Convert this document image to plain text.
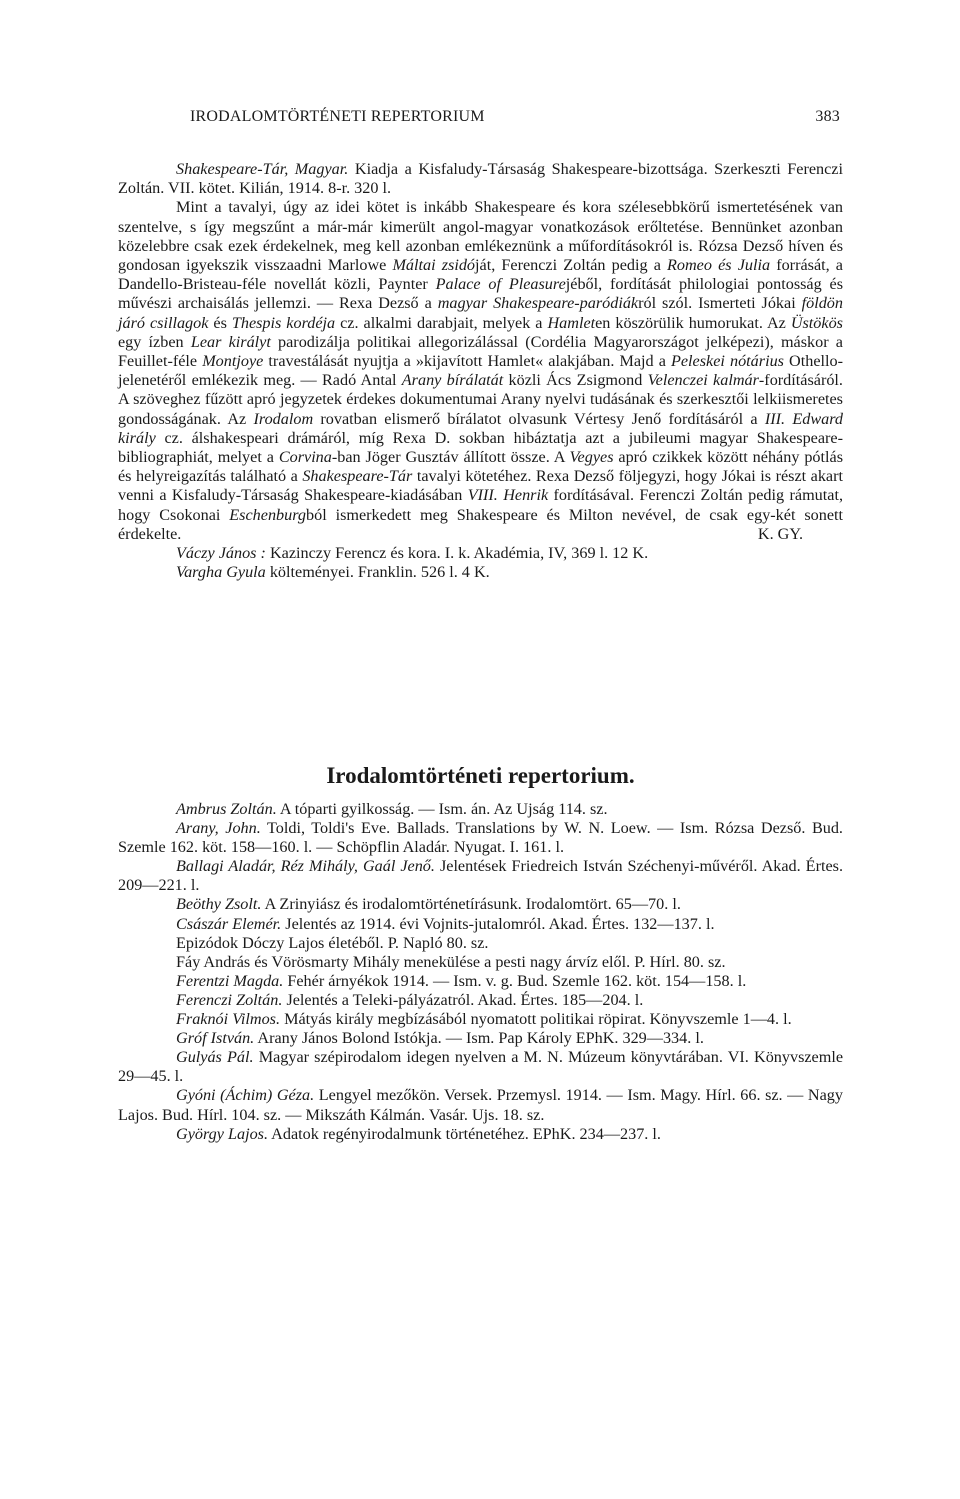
IRODALOMTÖRTÉNETI REPERTORIUM	383

Shakespeare-Tár, Magyar. Kiadja a Kisfaludy-Társaság Shakespeare-bizottsága. Szerkeszti Ferenczi Zoltán. VII. kötet. Kilián, 1914. 8-r. 320 l.

Mint a tavalyi, úgy az idei kötet is inkább Shakespeare és kora szélesebbkörű ismertetésének van szentelve, s így megszűnt a már-már kimerült angol-magyar vonatkozások erőltetése. Bennünket azonban közelebbre csak ezek érdekelnek, meg kell azonban emlékeznünk a műfordításokról is. Rózsa Dezső híven és gondosan igyekszik visszaadni Marlowe Máltai zsidóját, Ferenczi Zoltán pedig a Romeo és Julia forrását, a Dandello-Bristeau-féle novellát közli, Paynter Palace of Pleasurejéből, fordítását philologiai pontosság és művészi archaisálás jellemzi. — Rexa Dezső a magyar Shakespeare-paródiákról szól. Ismerteti Jókai földön járó csillagok és Thespis kordéja cz. alkalmi darabjait, melyek a Hamleten köszörülik humorukat. Az Üstökös egy ízben Lear királyt parodizálja politikai allegorizálással (Cordélia Magyarországot jelképezi), máskor a Feuillet-féle Montjoye travestálását nyujtja a »kijavított Hamlet« alakjában. Majd a Peleskei nótárius Othello-jelenetéről emlékezik meg. — Radó Antal Arany bírálatát közli Ács Zsigmond Velenczei kalmár-fordításáról. A szöveghez fűzött apró jegyzetek érdekes dokumentumai Arany nyelvi tudásának és szerkesztői lelkiismeretes gondosságának. Az Irodalom rovatban elismerő bírálatot olvasunk Vértesy Jenő fordításáról a III. Edward király cz. álshakespeari drámáról, míg Rexa D. sokban hibáztatja azt a jubileumi magyar Shakespeare-bibliographiát, melyet a Corvina-ban Jöger Gusztáv állított össze. A Vegyes apró czikkek között néhány pótlás és helyreigazítás található a Shakespeare-Tár tavalyi kötetéhez. Rexa Dezső följegyzi, hogy Jókai is részt akart venni a Kisfaludy-Társaság Shakespeare-kiadásában VIII. Henrik fordításával. Ferenczi Zoltán pedig rámutat, hogy Csokonai Eschenburgból ismerkedett meg Shakespeare és Milton nevével, de csak egy-két sonett érdekelte.	K. GY.

Váczy János : Kazinczy Ferencz és kora. I. k. Akadémia, IV, 369 l. 12 K.

Vargha Gyula költeményei. Franklin. 526 l. 4 K.

Irodalomtörténeti repertorium.

Ambrus Zoltán. A tóparti gyilkosság. — Ism. án. Az Ujság 114. sz.

Arany, John. Toldi, Toldi's Eve. Ballads. Translations by W. N. Loew. — Ism. Rózsa Dezső. Bud. Szemle 162. köt. 158—160. l. — Schöpflin Aladár. Nyugat. I. 161. l.

Ballagi Aladár, Réz Mihály, Gaál Jenő. Jelentések Friedreich István Széchenyi-művéről. Akad. Értes. 209—221. l.

Beöthy Zsolt. A Zrinyiász és irodalomtörténetírásunk. Irodalomtört. 65—70. l.

Császár Elemér. Jelentés az 1914. évi Vojnits-jutalomról. Akad. Értes. 132—137. l.

Epizódok Dóczy Lajos életéből. P. Napló 80. sz.

Fáy András és Vörösmarty Mihály menekülése a pesti nagy árvíz elől. P. Hírl. 80. sz.

Ferentzi Magda. Fehér árnyékok 1914. — Ism. v. g. Bud. Szemle 162. köt. 154—158. l.

Ferenczi Zoltán. Jelentés a Teleki-pályázatról. Akad. Értes. 185—204. l.

Fraknói Vilmos. Mátyás király megbízásából nyomatott politikai röpirat. Könyvszemle 1—4. l.

Gróf István. Arany János Bolond Istókja. — Ism. Pap Károly EPhK. 329—334. l.

Gulyás Pál. Magyar szépirodalom idegen nyelven a M. N. Múzeum könyvtárában. VI. Könyvszemle 29—45. l.

Gyóni (Áchim) Géza. Lengyel mezőkön. Versek. Przemysl. 1914. — Ism. Magy. Hírl. 66. sz. — Nagy Lajos. Bud. Hírl. 104. sz. — Mikszáth Kálmán. Vasár. Ujs. 18. sz.

György Lajos. Adatok regényirodalmunk történetéhez. EPhK. 234—237. l.
